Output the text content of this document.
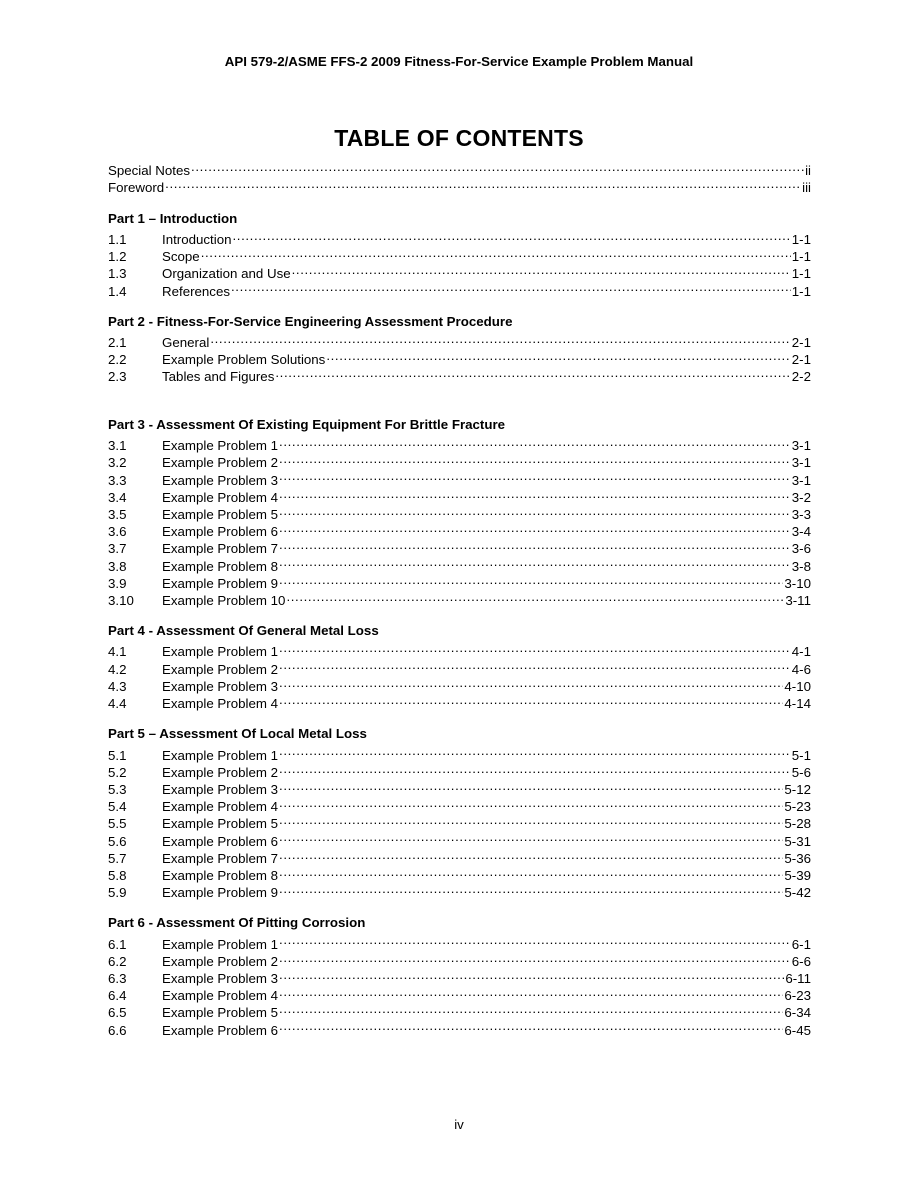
API 579-2/ASME FFS-2 2009 Fitness-For-Service Example Problem Manual
TABLE OF CONTENTS
Special Notes .....	ii
Foreword .....	iii
Part 1 – Introduction
1.1	Introduction .....	1-1
1.2	Scope .....	1-1
1.3	Organization and Use .....	1-1
1.4	References .....	1-1
Part 2 - Fitness-For-Service Engineering Assessment Procedure
2.1	General .....	2-1
2.2	Example Problem Solutions .....	2-1
2.3	Tables and Figures .....	2-2
Part 3 - Assessment Of Existing Equipment For Brittle Fracture
3.1	Example Problem 1 .....	3-1
3.2	Example Problem 2 .....	3-1
3.3	Example Problem 3 .....	3-1
3.4	Example Problem 4 .....	3-2
3.5	Example Problem 5 .....	3-3
3.6	Example Problem 6 .....	3-4
3.7	Example Problem 7 .....	3-6
3.8	Example Problem 8 .....	3-8
3.9	Example Problem 9 .....	3-10
3.10	Example Problem 10 .....	3-11
Part 4 - Assessment Of General Metal Loss
4.1	Example Problem 1 .....	4-1
4.2	Example Problem 2 .....	4-6
4.3	Example Problem 3 .....	4-10
4.4	Example Problem 4 .....	4-14
Part 5 – Assessment Of Local Metal Loss
5.1	Example Problem 1 .....	5-1
5.2	Example Problem 2 .....	5-6
5.3	Example Problem 3 .....	5-12
5.4	Example Problem 4 .....	5-23
5.5	Example Problem 5 .....	5-28
5.6	Example Problem 6 .....	5-31
5.7	Example Problem 7 .....	5-36
5.8	Example Problem 8 .....	5-39
5.9	Example Problem 9 .....	5-42
Part 6 - Assessment Of Pitting Corrosion
6.1	Example Problem 1 .....	6-1
6.2	Example Problem 2 .....	6-6
6.3	Example Problem 3 .....	6-11
6.4	Example Problem 4 .....	6-23
6.5	Example Problem 5 .....	6-34
6.6	Example Problem 6 .....	6-45
iv
